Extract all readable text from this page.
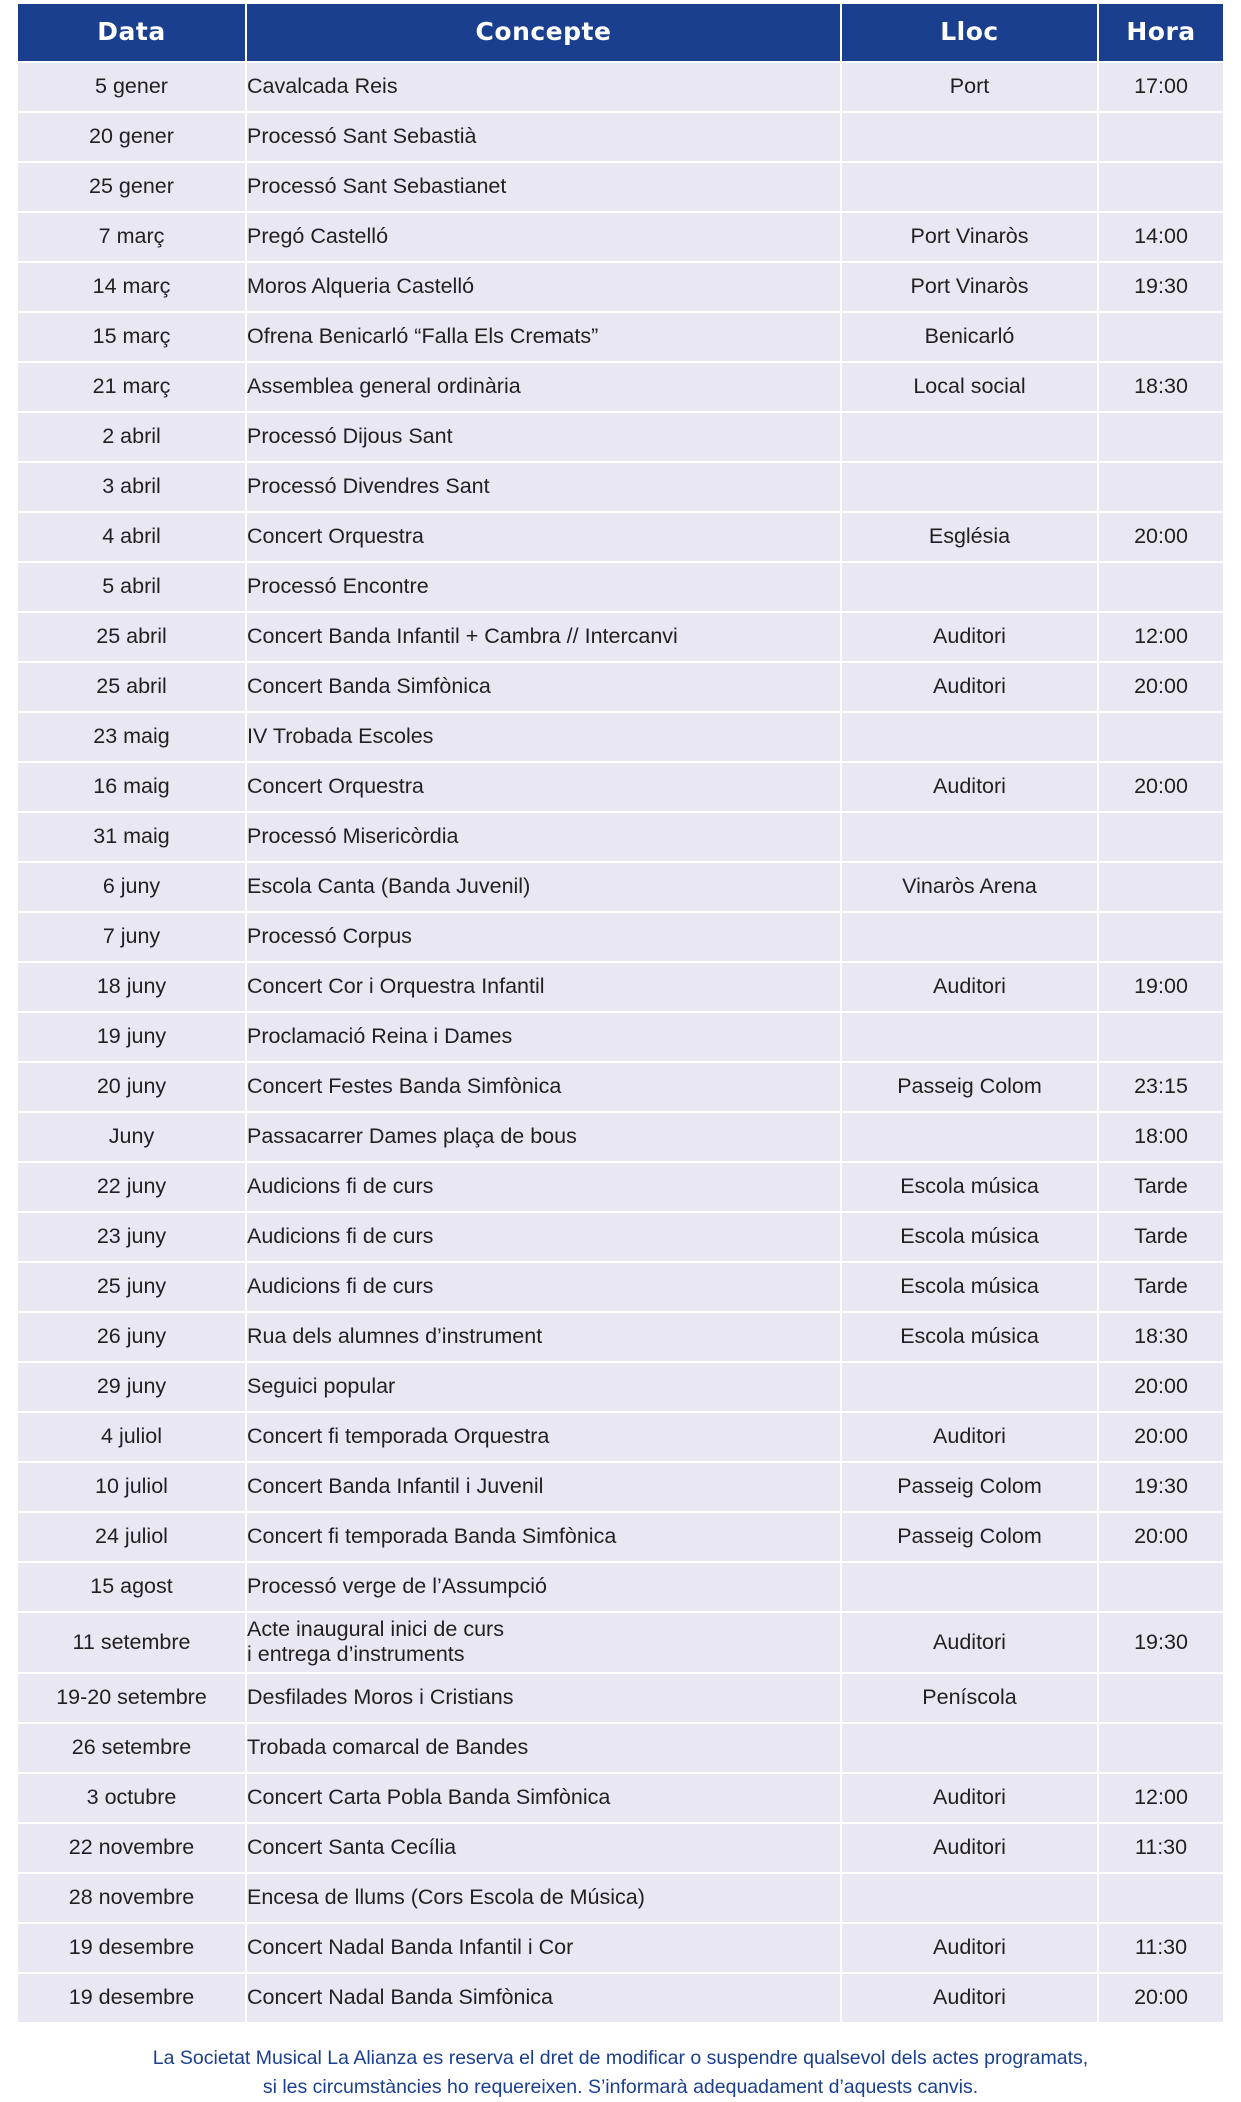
Data	Concepte	Lloc	Hora
5 gener	Cavalcada Reis	Port	17:00
20 gener	Processó Sant Sebastià		
25 gener	Processó Sant Sebastianet		
7 març	Pregó Castelló	Port Vinaròs	14:00
14 març	Moros Alqueria Castelló	Port Vinaròs	19:30
15 març	Ofrena Benicarló “Falla Els Cremats”	Benicarló	
21 març	Assemblea general ordinària	Local social	18:30
2 abril	Processó Dijous Sant		
3 abril	Processó Divendres Sant		
4 abril	Concert Orquestra	Església	20:00
5 abril	Processó Encontre		
25 abril	Concert Banda Infantil + Cambra // Intercanvi	Auditori	12:00
25 abril	Concert Banda Simfònica	Auditori	20:00
23 maig	IV Trobada Escoles		
16 maig	Concert Orquestra	Auditori	20:00
31 maig	Processó Misericòrdia		
6 juny	Escola Canta (Banda Juvenil)	Vinaròs Arena	
7 juny	Processó Corpus		
18 juny	Concert Cor i Orquestra Infantil	Auditori	19:00
19 juny	Proclamació Reina i Dames		
20 juny	Concert Festes Banda Simfònica	Passeig Colom	23:15
Juny	Passacarrer Dames plaça de bous		18:00
22 juny	Audicions fi de curs	Escola música	Tarde
23 juny	Audicions fi de curs	Escola música	Tarde
25 juny	Audicions fi de curs	Escola música	Tarde
26 juny	Rua dels alumnes d’instrument	Escola música	18:30
29 juny	Seguici popular		20:00
4 juliol	Concert fi temporada Orquestra	Auditori	20:00
10 juliol	Concert Banda Infantil i Juvenil	Passeig Colom	19:30
24 juliol	Concert fi temporada Banda Simfònica	Passeig Colom	20:00
15 agost	Processó verge de l’Assumpció		
11 setembre	Acte inaugural inici de curs
i entrega d’instruments	Auditori	19:30
19-20 setembre	Desfilades Moros i Cristians	Peníscola	
26 setembre	Trobada comarcal de Bandes		
3 octubre	Concert Carta Pobla Banda Simfònica	Auditori	12:00
22 novembre	Concert Santa Cecília	Auditori	11:30
28 novembre	Encesa de llums (Cors Escola de Música)		
19 desembre	Concert Nadal Banda Infantil i Cor	Auditori	11:30
19 desembre	Concert Nadal Banda Simfònica	Auditori	20:00
La Societat Musical La Alianza es reserva el dret de modificar o suspendre qualsevol dels actes programats,
si les circumstàncies ho requereixen. S’informarà adequadament d’aquests canvis.
